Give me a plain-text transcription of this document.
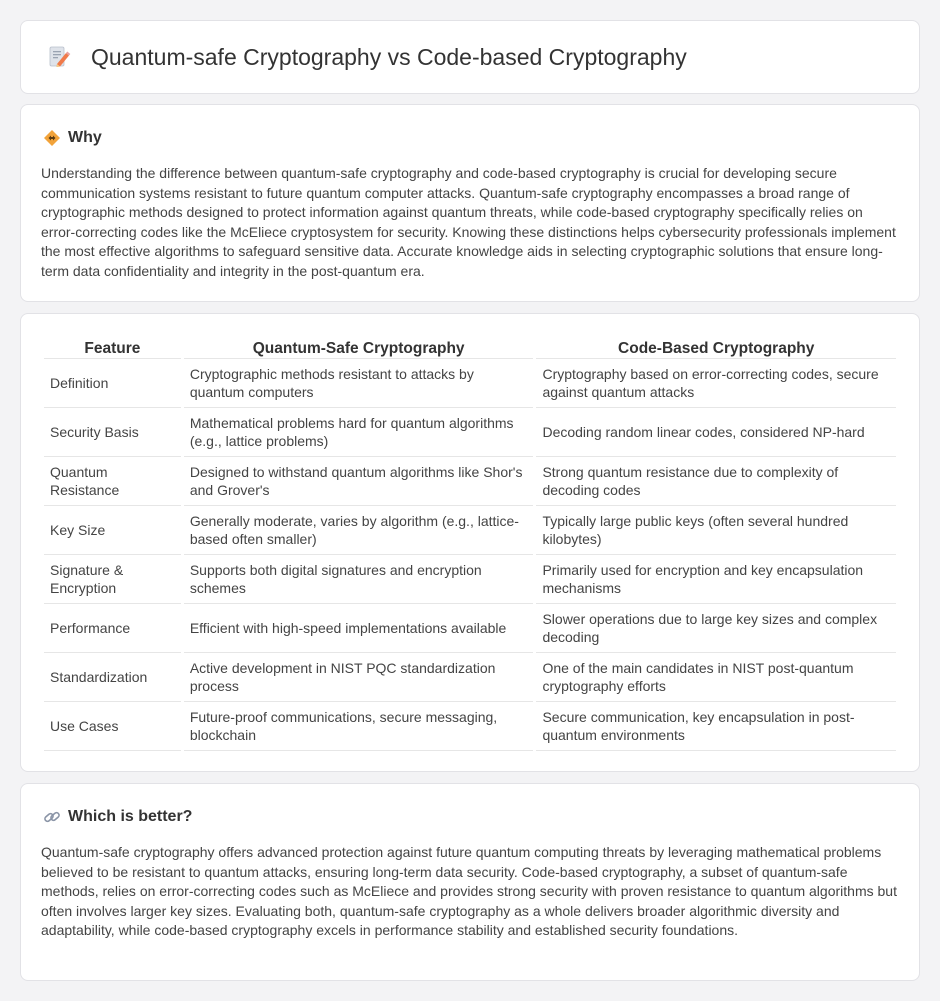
Quantum-safe Cryptography vs Code-based Cryptography
Why

Understanding the difference between quantum-safe cryptography and code-based cryptography is crucial for developing secure communication systems resistant to future quantum computer attacks. Quantum-safe cryptography encompasses a broad range of cryptographic methods designed to protect information against quantum threats, while code-based cryptography specifically relies on error-correcting codes like the McEliece cryptosystem for security. Knowing these distinctions helps cybersecurity professionals implement the most effective algorithms to safeguard sensitive data. Accurate knowledge aids in selecting cryptographic solutions that ensure long-term data confidentiality and integrity in the post-quantum era.

Feature	Quantum-Safe Cryptography	Code-Based Cryptography
Definition	Cryptographic methods resistant to attacks by quantum computers	Cryptography based on error-correcting codes, secure against quantum attacks
Security Basis	Mathematical problems hard for quantum algorithms (e.g., lattice problems)	Decoding random linear codes, considered NP-hard
Quantum Resistance	Designed to withstand quantum algorithms like Shor's and Grover's	Strong quantum resistance due to complexity of decoding codes
Key Size	Generally moderate, varies by algorithm (e.g., lattice-based often smaller)	Typically large public keys (often several hundred kilobytes)
Signature & Encryption	Supports both digital signatures and encryption schemes	Primarily used for encryption and key encapsulation mechanisms
Performance	Efficient with high-speed implementations available	Slower operations due to large key sizes and complex decoding
Standardization	Active development in NIST PQC standardization process	One of the main candidates in NIST post-quantum cryptography efforts
Use Cases	Future-proof communications, secure messaging, blockchain	Secure communication, key encapsulation in post-quantum environments
Which is better?

Quantum-safe cryptography offers advanced protection against future quantum computing threats by leveraging mathematical problems believed to be resistant to quantum attacks, ensuring long-term data security. Code-based cryptography, a subset of quantum-safe methods, relies on error-correcting codes such as McEliece and provides strong security with proven resistance to quantum algorithms but often involves larger key sizes. Evaluating both, quantum-safe cryptography as a whole delivers broader algorithmic diversity and adaptability, while code-based cryptography excels in performance stability and established security foundations.
